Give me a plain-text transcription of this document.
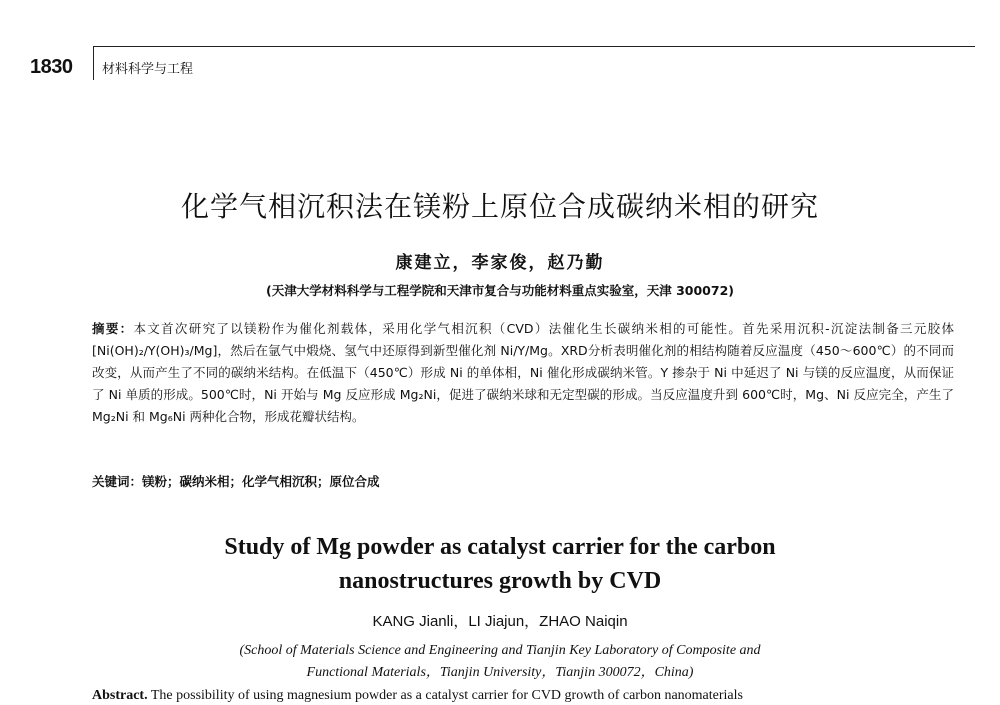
1830 材料科学与工程
化学气相沉积法在镁粉上原位合成碳纳米相的研究
康建立，李家俊，赵乃勤
(天津大学材料科学与工程学院和天津市复合与功能材料重点实验室，天津 300072)
摘要：本文首次研究了以镁粉作为催化剂载体，采用化学气相沉积（CVD）法催化生长碳纳米相的可能性。首先采用沉积-沉淀法制备三元胶体 [Ni(OH)₂/Y(OH)₃/Mg]，然后在氩气中煅烧、氢气中还原得到新型催化剂 Ni/Y/Mg。XRD分析表明催化剂的相结构随着反应温度（450～600℃）的不同而改变，从而产生了不同的碳纳米结构。在低温下（450℃）形成 Ni 的单体相，Ni 催化形成碳纳米管。Y 掺杂于 Ni 中延迟了 Ni 与镁的反应温度，从而保证了 Ni 单质的形成。500℃时，Ni 开始与 Mg 反应形成 Mg₂Ni，促进了碳纳米球和无定型碳的形成。当反应温度升到 600℃时，Mg、Ni 反应完全，产生了 Mg₂Ni 和 Mg₆Ni 两种化合物，形成花瓣状结构。
关键词：镁粉；碳纳米相；化学气相沉积；原位合成
Study of Mg powder as catalyst carrier for the carbon
nanostructures growth by CVD
KANG Jianli，LI Jiajun，ZHAO Naiqin
(School of Materials Science and Engineering and Tianjin Key Laboratory of Composite and
Functional Materials，Tianjin University，Tianjin 300072，China)
Abstract. The possibility of using magnesium powder as a catalyst carrier for CVD growth of carbon nanomaterials
